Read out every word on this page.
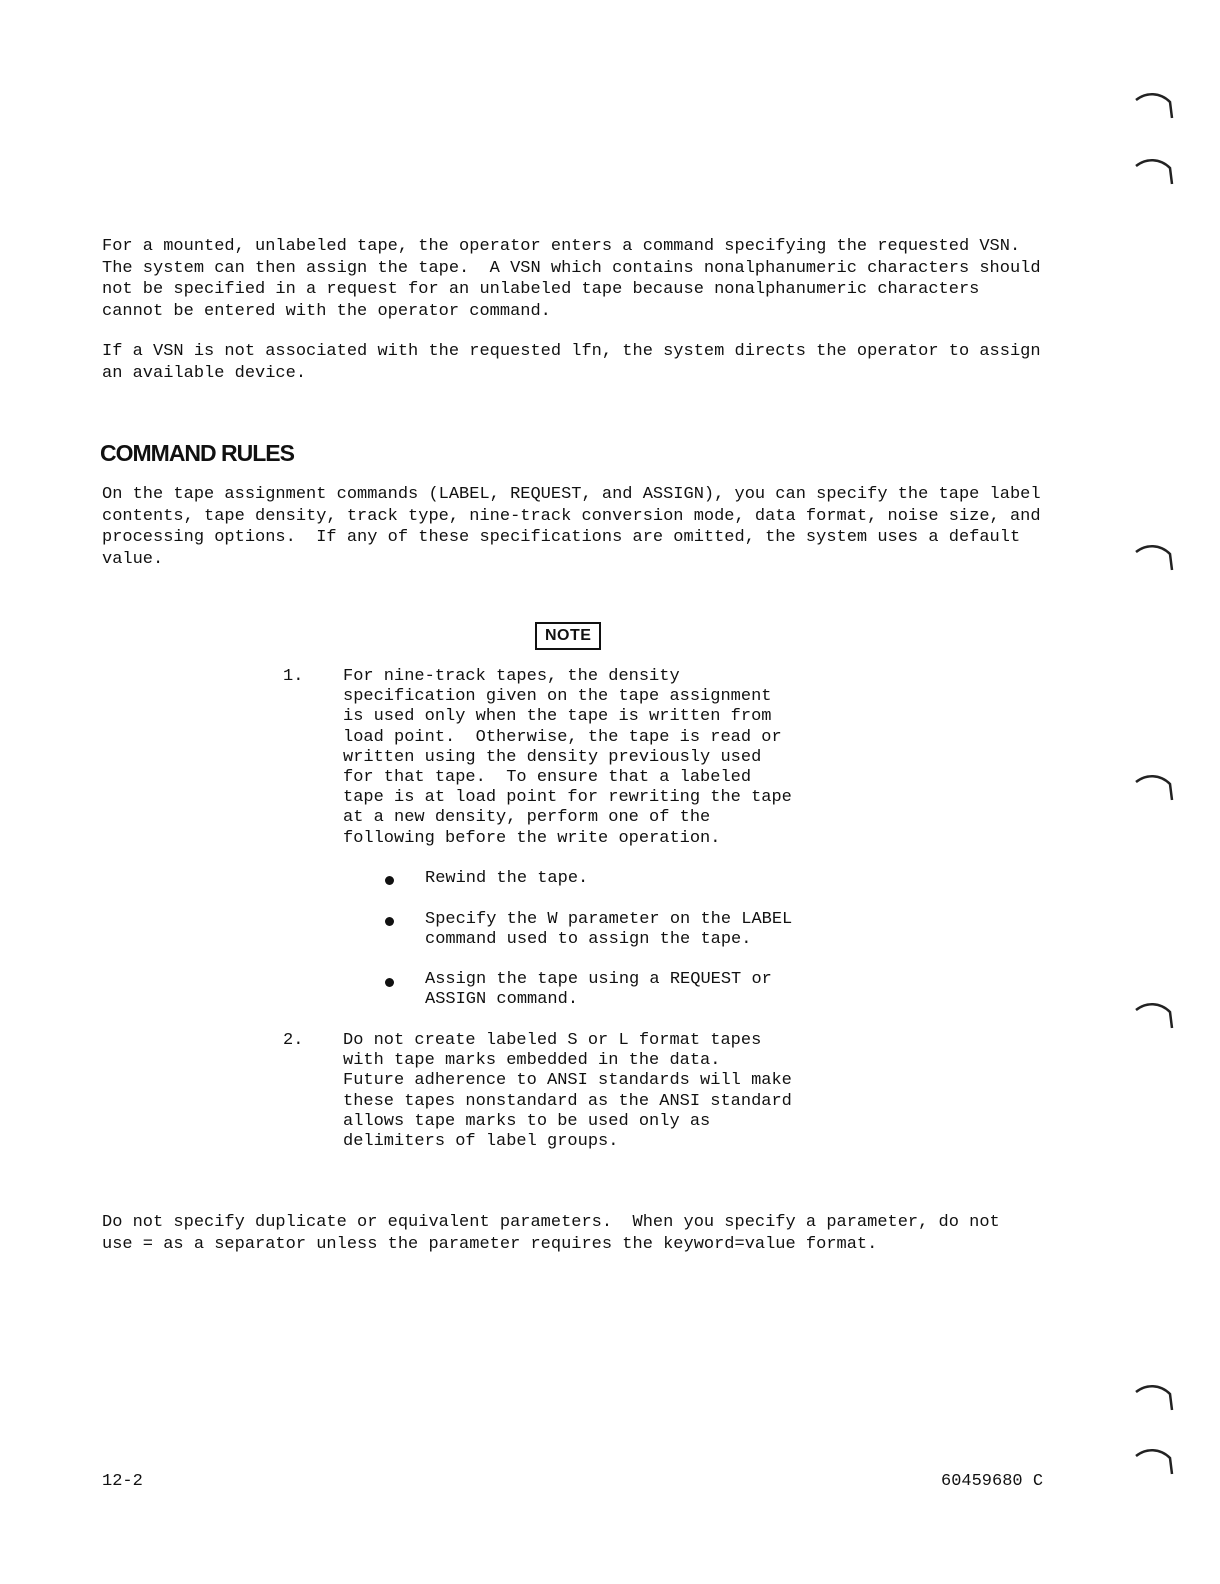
For a mounted, unlabeled tape, the operator enters a command specifying the requested VSN.
The system can then assign the tape.  A VSN which contains nonalphanumeric characters should
not be specified in a request for an unlabeled tape because nonalphanumeric characters
cannot be entered with the operator command.

If a VSN is not associated with the requested lfn, the system directs the operator to assign
an available device.

COMMAND RULES

On the tape assignment commands (LABEL, REQUEST, and ASSIGN), you can specify the tape label
contents, tape density, track type, nine-track conversion mode, data format, noise size, and
processing options.  If any of these specifications are omitted, the system uses a default
value.

NOTE
1. For nine-track tapes, the density
specification given on the tape assignment
is used only when the tape is written from
load point.  Otherwise, the tape is read or
written using the density previously used
for that tape.  To ensure that a labeled
tape is at load point for rewriting the tape
at a new density, perform one of the
following before the write operation.

Rewind the tape.

Specify the W parameter on the LABEL
command used to assign the tape.

Assign the tape using a REQUEST or
ASSIGN command.

2. Do not create labeled S or L format tapes
with tape marks embedded in the data.
Future adherence to ANSI standards will make
these tapes nonstandard as the ANSI standard
allows tape marks to be used only as
delimiters of label groups.

Do not specify duplicate or equivalent parameters.  When you specify a parameter, do not
use = as a separator unless the parameter requires the keyword=value format.

12-2	60459680 C
